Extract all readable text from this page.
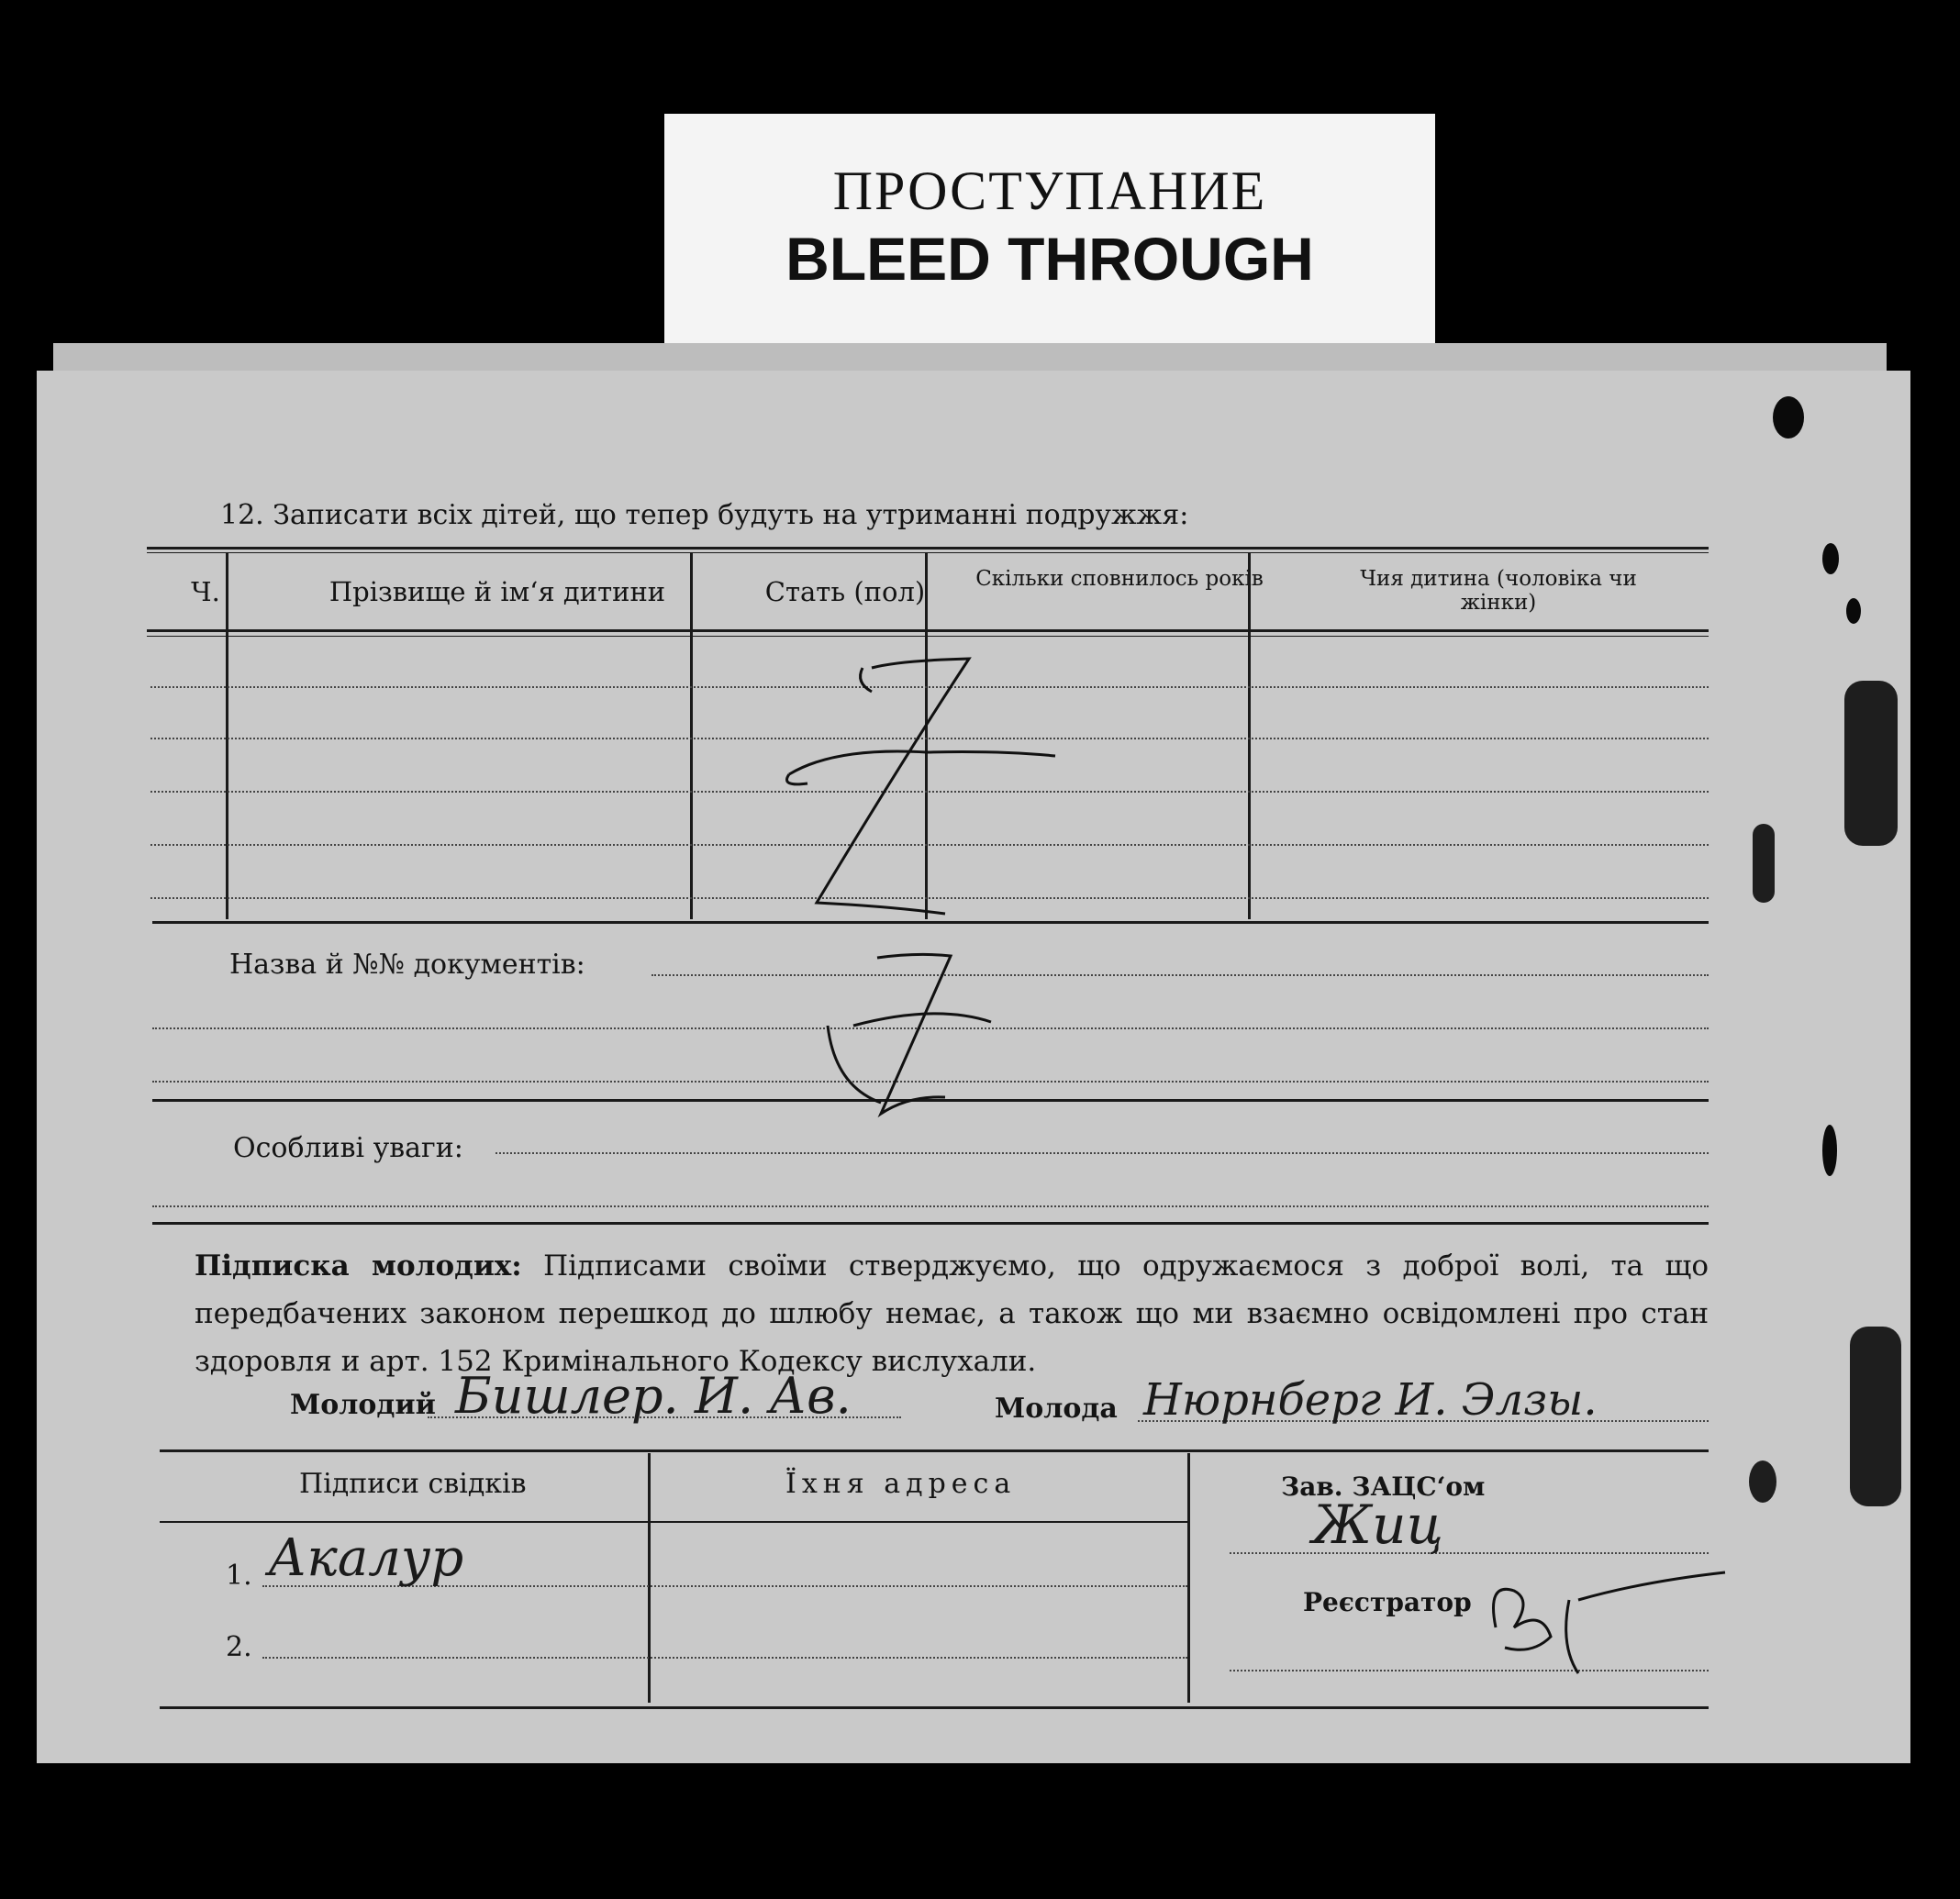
ПРОСТУПАНИЕ
BLEED THROUGH
12. Записати всіх дітей, що тепер будуть на утриманні подружжя:
Ч.	Прізвище й ім‘я дитини	Стать (пол)	Скільки сповнилось років	Чия дитина (чоловіка чи жінки)
Назва й №№ документів:
Особливі уваги:
Підписка молодих: Підписами своїми стверджуємо, що одружаємося з доброї волі, та що передбачених законом перешкод до шлюбу немає, а також що ми взаємно освідомлені про стан здоровля и арт. 152 Кримінального Кодексу вислухали.
Молодий Бишлер. И. Ав.	Молода Нюрнберг И. Элзы.
Підписи свідків	Їхня адреса
1. Акалур
2.
Зав. ЗАЦС‘ом
Жиц
Реєстратор
